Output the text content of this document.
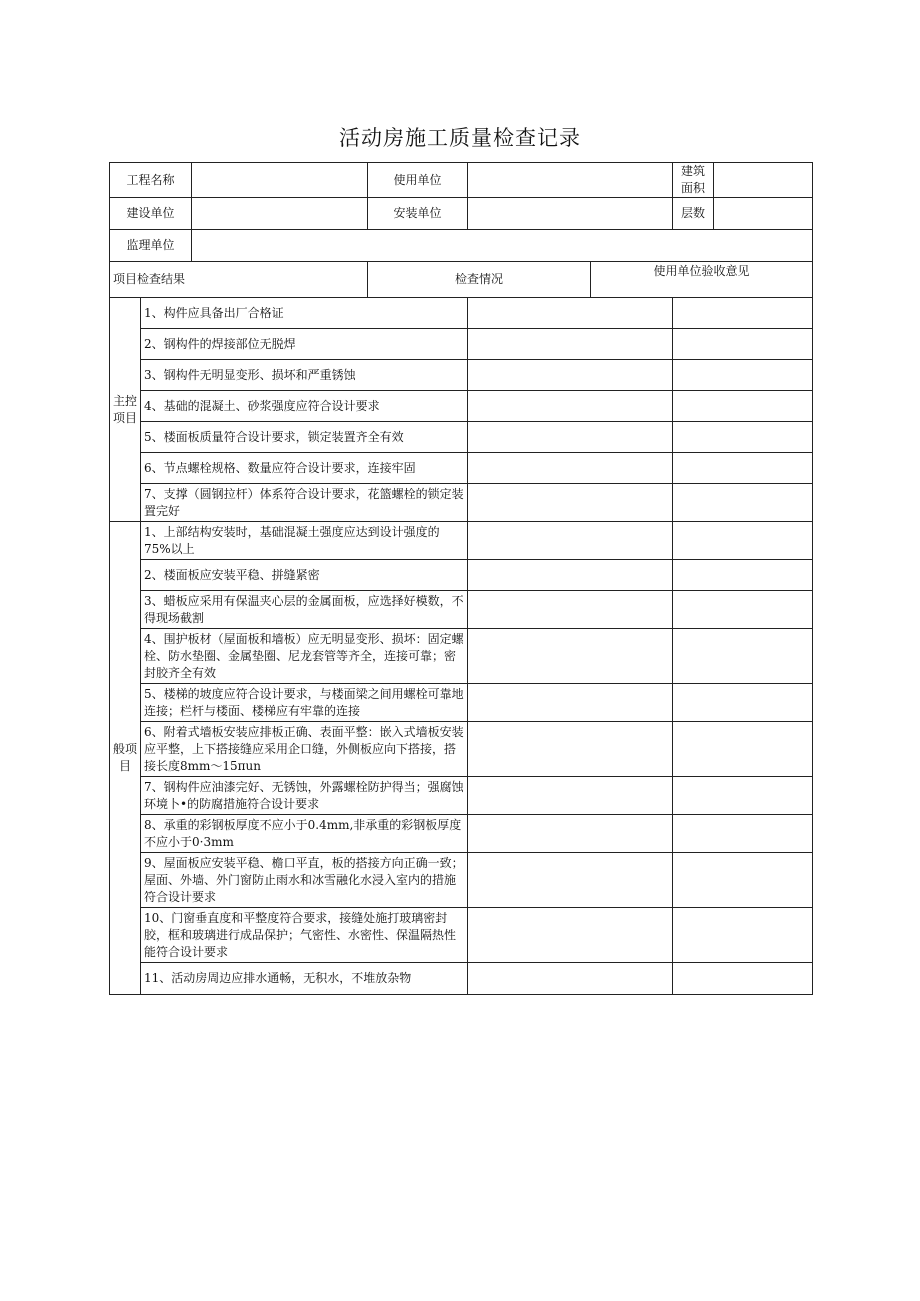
活动房施工质量检查记录
工程名称			使用单位			建筑面积	
建设单位			安装单位			层数	
监理单位							
项目检查结果			检查情况		使用单位验收意见		
主控项目	1、构件应具备出厂合格证						
	2、钢构件的焊接部位无脱焊						
	3、钢构件无明显变形、损坏和严重锈蚀						
	4、基础的混凝土、砂浆强度应符合设计要求						
	5、楼面板质量符合设计要求，锁定装置齐全有效						
	6、节点螺栓规格、数量应符合设计要求，连接牢固						
	7、支撑（圆钢拉杆）体系符合设计要求，花篮螺栓的锁定装置完好						
般项目	1、上部结构安装时，基础混凝土强度应达到设计强度的75%以上						
	2、楼面板应安装平稳、拼缝紧密						
	3、蜡板应采用有保温夹心层的金属面板，应选择好模数，不得现场截割						
	4、围护板材（屋面板和墙板）应无明显变形、损坏：固定螺栓、防水垫圈、金属垫圈、尼龙套管等齐全，连接可靠；密封胶齐全有效						
	5、楼梯的坡度应符合设计要求，与楼面梁之间用螺栓可靠地连接；栏杆与楼面、楼梯应有牢靠的连接						
	6、附着式墙板安装应排板正确、表面平整：嵌入式墙板安装应平整，上下搭接缝应采用企口缝，外侧板应向下搭接，搭接长度8mm～15πun						
	7、钢构件应油漆完好、无锈蚀，外露螺栓防护得当；强腐蚀环境卜•的防腐措施符合设计要求						
	8、承重的彩钢板厚度不应小于0.4mm,非承重的彩钢板厚度不应小于0·3mm						
	9、屋面板应安装平稳、檐口平直，板的搭接方向正确一致；屋面、外墙、外门窗防止雨水和冰雪融化水浸入室内的措施符合设计要求						
	10、门窗垂直度和平整度符合要求，接缝处施打玻璃密封胶，框和玻璃进行成品保护；气密性、水密性、保温隔热性能符合设计要求						
	11、活动房周边应排水通畅，无积水，不堆放杂物						
